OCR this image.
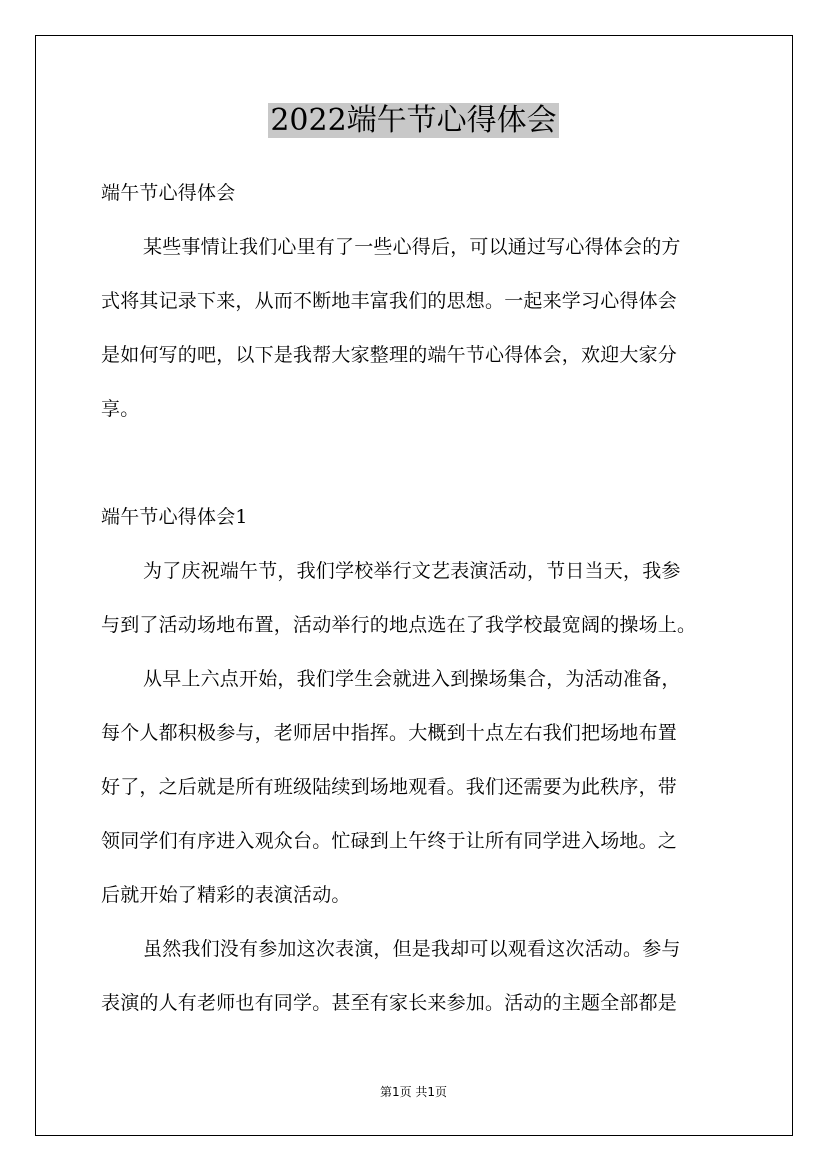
2022端午节心得体会
端午节心得体会
某些事情让我们心里有了一些心得后，可以通过写心得体会的方
式将其记录下来，从而不断地丰富我们的思想。一起来学习心得体会
是如何写的吧，以下是我帮大家整理的端午节心得体会，欢迎大家分
享。
端午节心得体会1
为了庆祝端午节，我们学校举行文艺表演活动，节日当天，我参
与到了活动场地布置，活动举行的地点选在了我学校最宽阔的操场上。
从早上六点开始，我们学生会就进入到操场集合，为活动准备，
每个人都积极参与，老师居中指挥。大概到十点左右我们把场地布置
好了，之后就是所有班级陆续到场地观看。我们还需要为此秩序，带
领同学们有序进入观众台。忙碌到上午终于让所有同学进入场地。之
后就开始了精彩的表演活动。
虽然我们没有参加这次表演，但是我却可以观看这次活动。参与
表演的人有老师也有同学。甚至有家长来参加。活动的主题全部都是
第1页 共1页
